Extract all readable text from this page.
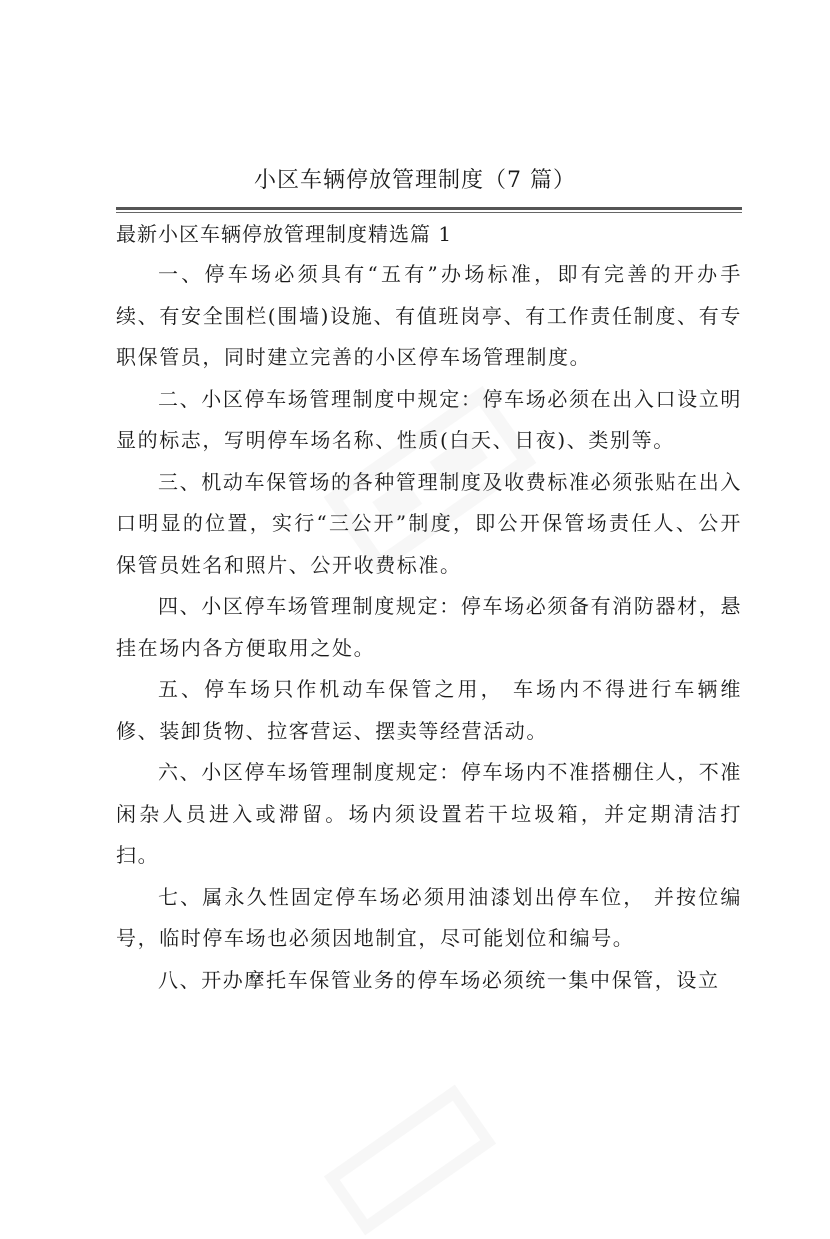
小区车辆停放管理制度（7 篇）
最新小区车辆停放管理制度精选篇 1

一、停车场必须具有“五有”办场标准，即有完善的开办手续、有安全围栏(围墙)设施、有值班岗亭、有工作责任制度、有专职保管员，同时建立完善的小区停车场管理制度。

二、小区停车场管理制度中规定：停车场必须在出入口设立明显的标志，写明停车场名称、性质(白天、日夜)、类别等。

三、机动车保管场的各种管理制度及收费标准必须张贴在出入口明显的位置，实行“三公开”制度，即公开保管场责任人、公开保管员姓名和照片、公开收费标准。

四、小区停车场管理制度规定：停车场必须备有消防器材，悬挂在场内各方便取用之处。

五、停车场只作机动车保管之用， 车场内不得进行车辆维修、装卸货物、拉客营运、摆卖等经营活动。

六、小区停车场管理制度规定：停车场内不准搭棚住人，不准闲杂人员进入或滞留。场内须设置若干垃圾箱，并定期清洁打扫。

七、属永久性固定停车场必须用油漆划出停车位， 并按位编号，临时停车场也必须因地制宜，尽可能划位和编号。

八、开办摩托车保管业务的停车场必须统一集中保管，设立
